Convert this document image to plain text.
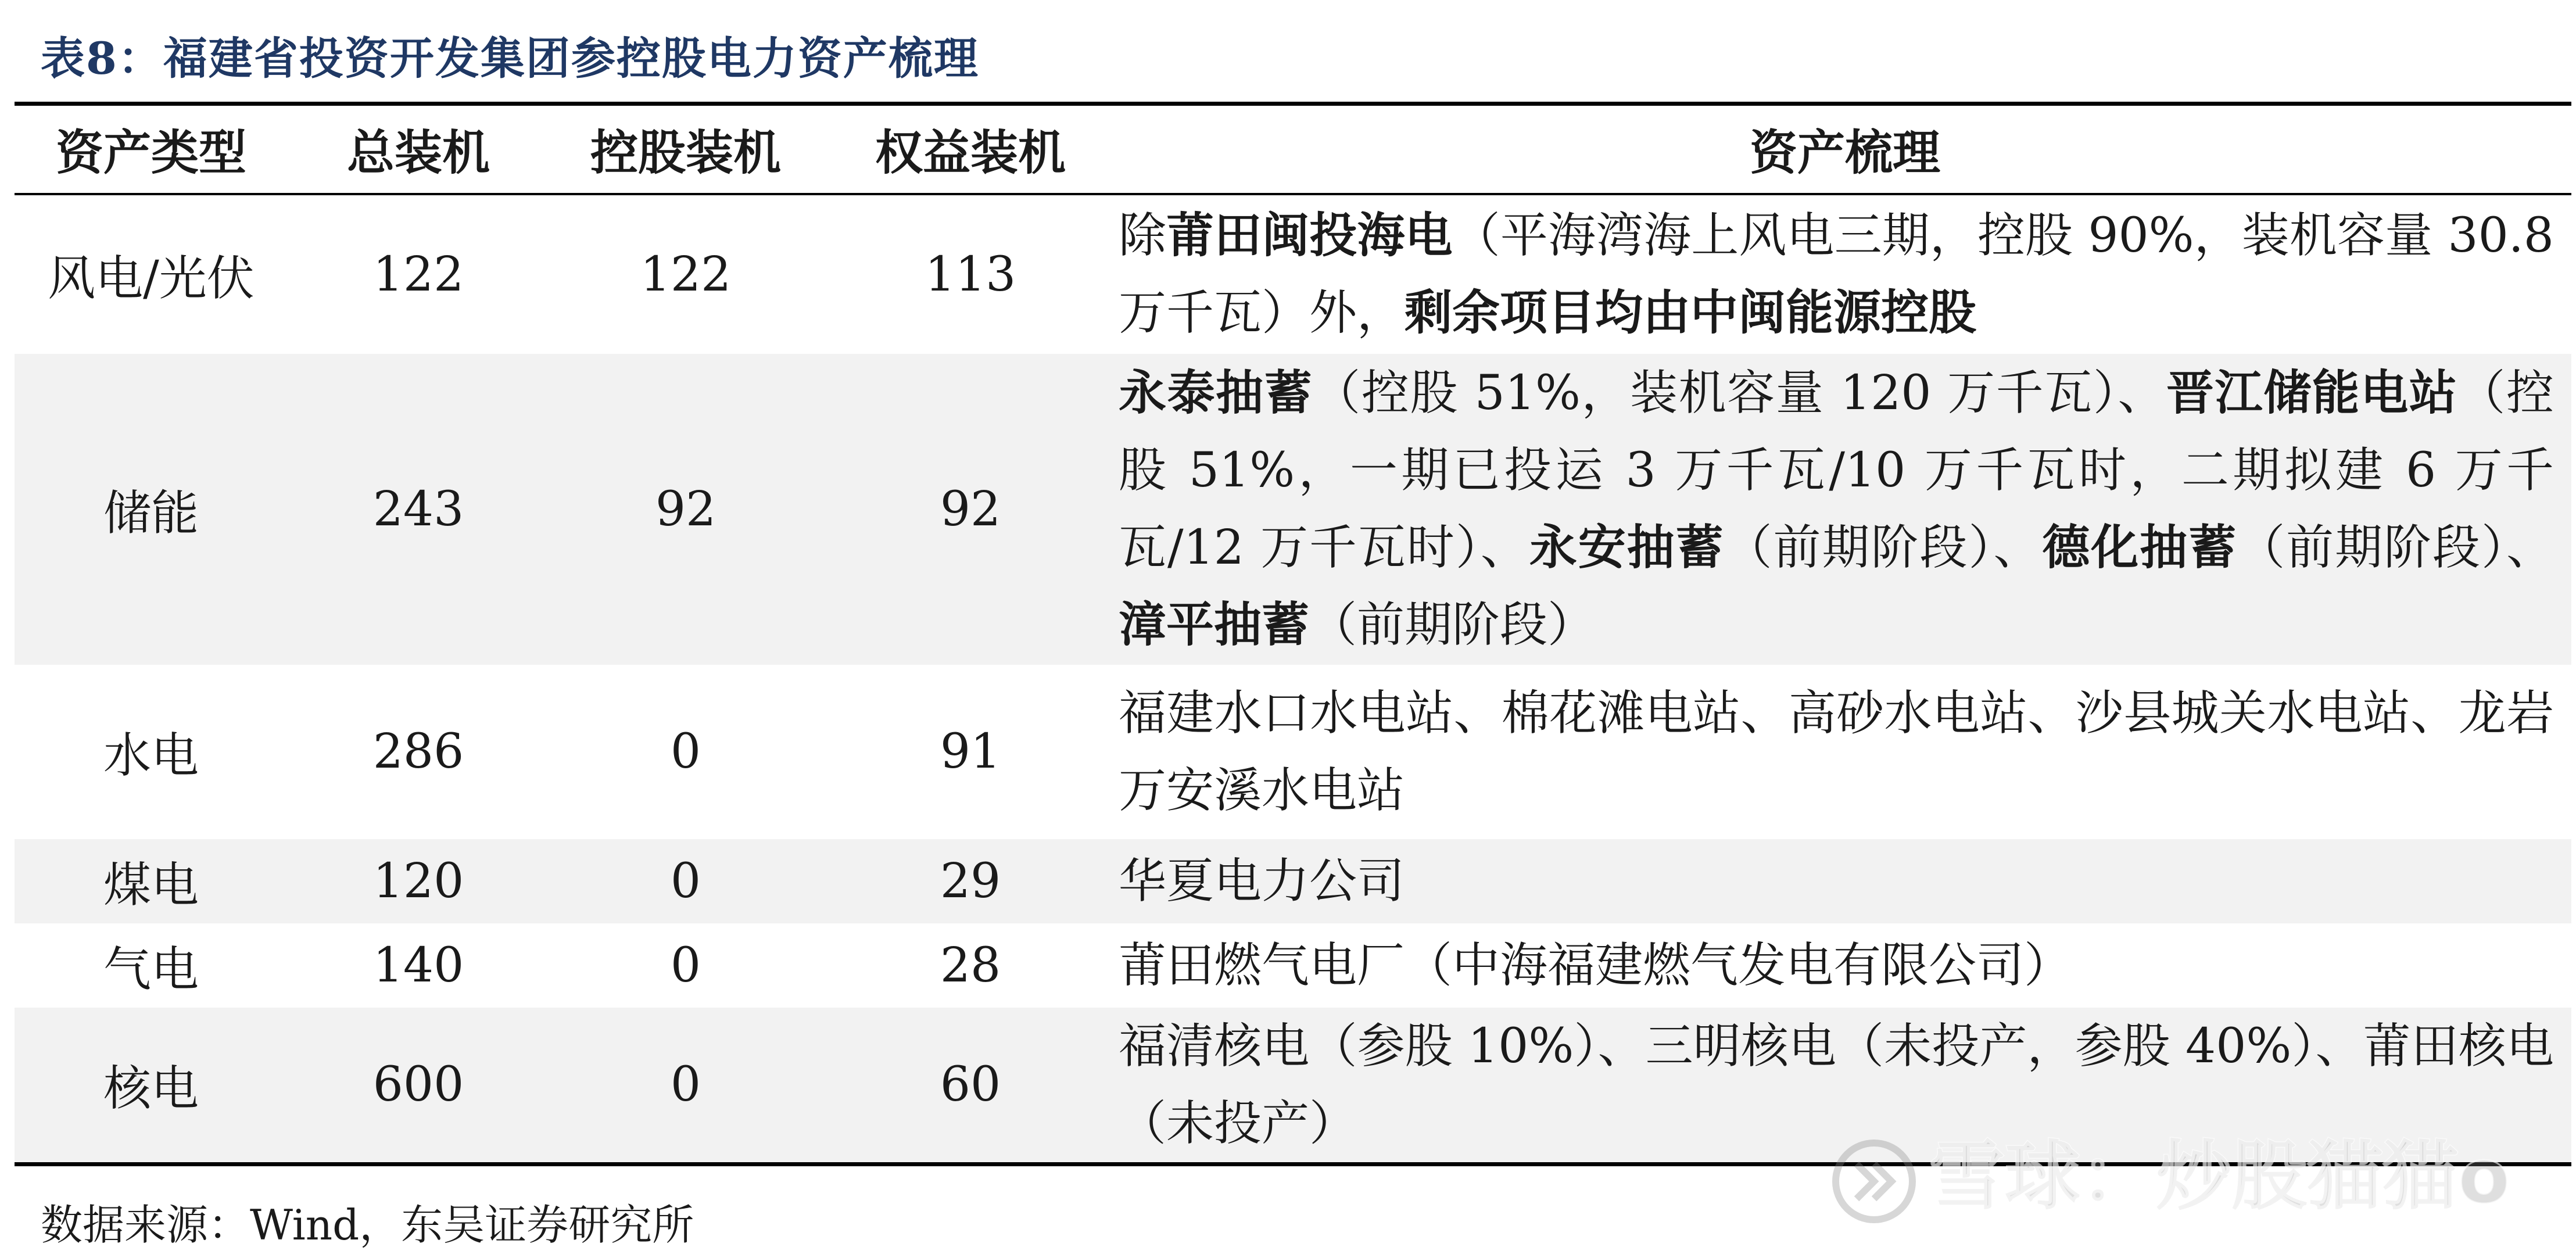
表8：福建省投资开发集团参控股电力资产梳理
资产类型	总装机	控股装机	权益装机	资产梳理
风电/光伏	122	122	113	除莆田闽投海电（平海湾海上风电三期，控股 90%，装机容量 30.8 万千瓦）外，剩余项目均由中闽能源控股
储能	243	92	92	永泰抽蓄（控股 51%，装机容量 120 万千瓦）、晋江储能电站（控股 51%，一期已投运 3 万千瓦/10 万千瓦时，二期拟建 6 万千瓦/12 万千瓦时）、永安抽蓄（前期阶段）、德化抽蓄（前期阶段）、漳平抽蓄（前期阶段）
水电	286	0	91	福建水口水电站、棉花滩电站、高砂水电站、沙县城关水电站、龙岩万安溪水电站
煤电	120	0	29	华夏电力公司
气电	140	0	28	莆田燃气电厂（中海福建燃气发电有限公司）
核电	600	0	60	福清核电（参股 10%）、三明核电（未投产，参股 40%）、莆田核电（未投产）
数据来源：Wind，东吴证券研究所
雪球：炒股猫猫o
